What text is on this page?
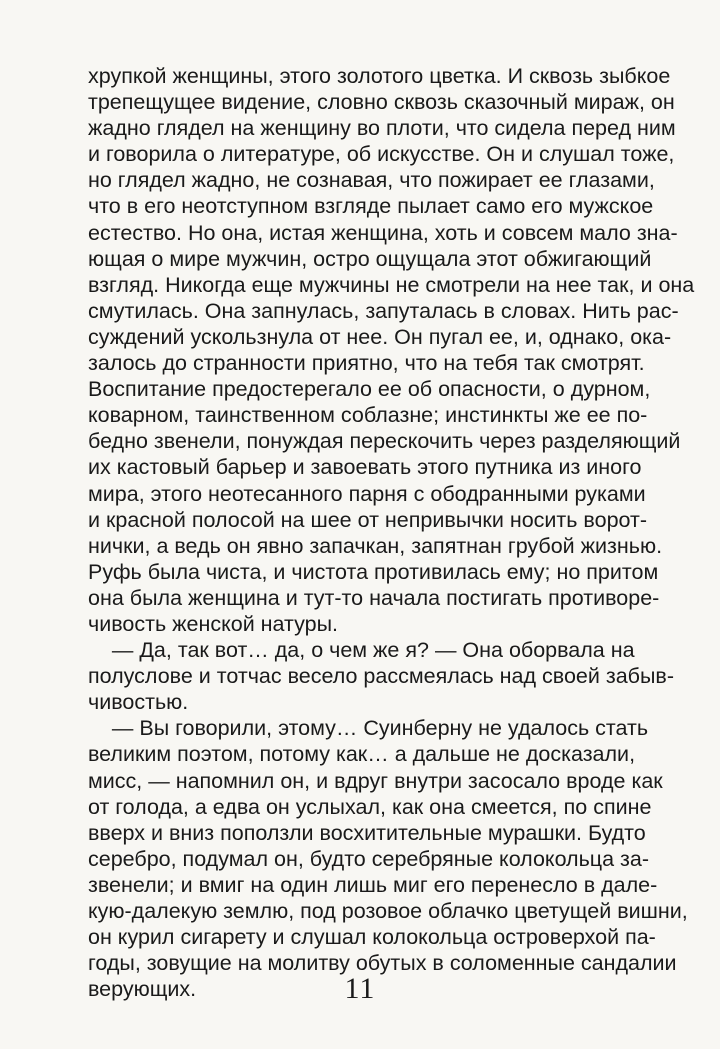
хрупкой женщины, этого золотого цветка. И сквозь зыбкое
трепещущее видение, словно сквозь сказочный мираж, он
жадно глядел на женщину во плоти, что сидела перед ним
и говорила о литературе, об искусстве. Он и слушал тоже,
но глядел жадно, не сознавая, что пожирает ее глазами,
что в его неотступном взгляде пылает само его мужское
естество. Но она, истая женщина, хоть и совсем мало зна-
ющая о мире мужчин, остро ощущала этот обжигающий
взгляд. Никогда еще мужчины не смотрели на нее так, и она
смутилась. Она запнулась, запуталась в словах. Нить рас-
суждений ускользнула от нее. Он пугал ее, и, однако, ока-
залось до странности приятно, что на тебя так смотрят.
Воспитание предостерегало ее об опасности, о дурном,
коварном, таинственном соблазне; инстинкты же ее по-
бедно звенели, понуждая перескочить через разделяющий
их кастовый барьер и завоевать этого путника из иного
мира, этого неотесанного парня с ободранными руками
и красной полосой на шее от непривычки носить ворот-
нички, а ведь он явно запачкан, запятнан грубой жизнью.
Руфь была чиста, и чистота противилась ему; но притом
она была женщина и тут-то начала постигать противоре-
чивость женской натуры.
— Да, так вот… да, о чем же я? — Она оборвала на
полуслове и тотчас весело рассмеялась над своей забыв-
чивостью.
— Вы говорили, этому… Суинберну не удалось стать
великим поэтом, потому как… а дальше не досказали,
мисс, — напомнил он, и вдруг внутри засосало вроде как
от голода, а едва он услыхал, как она смеется, по спине
вверх и вниз поползли восхитительные мурашки. Будто
серебро, подумал он, будто серебряные колокольца за-
звенели; и вмиг на один лишь миг его перенесло в дале-
кую-далекую землю, под розовое облачко цветущей вишни,
он курил сигарету и слушал колокольца островерхой па-
годы, зовущие на молитву обутых в соломенные сандалии
верующих.	11
